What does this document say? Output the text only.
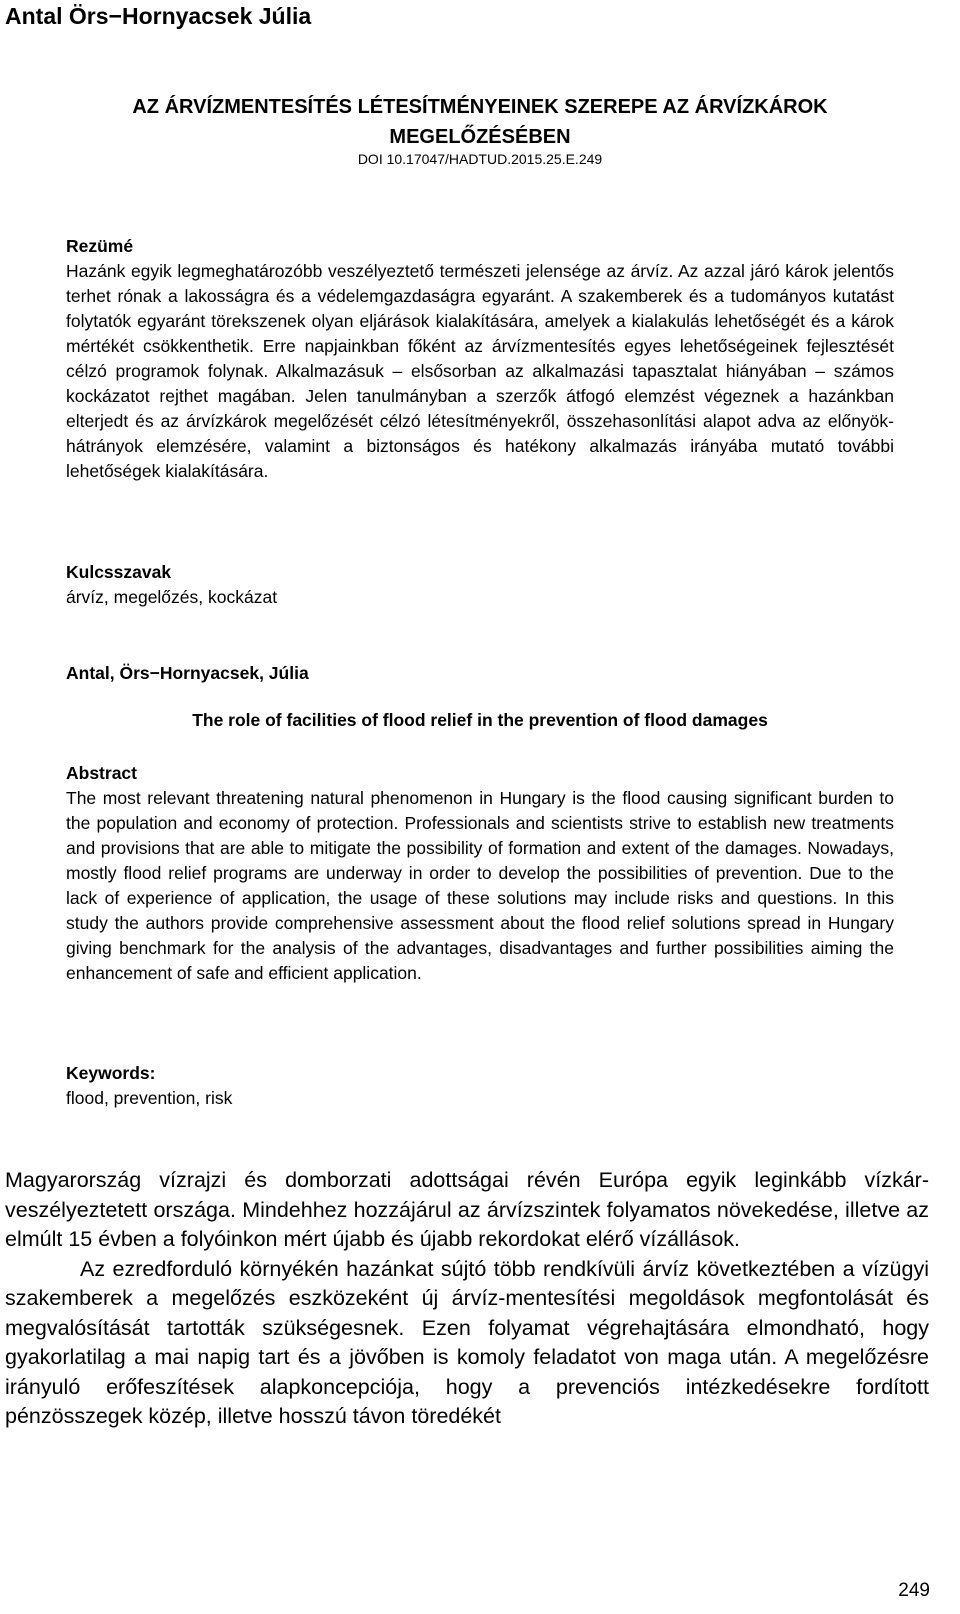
Antal Örs−Hornyacsek Júlia
AZ ÁRVÍZMENTESÍTÉS LÉTESÍTMÉNYEINEK SZEREPE AZ ÁRVÍZKÁROK
MEGELŐZÉSÉBEN
DOI 10.17047/HADTUD.2015.25.E.249
Rezümé
Hazánk egyik legmeghatározóbb veszélyeztető természeti jelensége az árvíz. Az azzal járó károk jelentős terhet rónak a lakosságra és a védelemgazdaságra egyaránt. A szakemberek és a tudományos kutatást folytatók egyaránt törekszenek olyan eljárások kialakítására, amelyek a kialakulás lehetőségét és a károk mértékét csökkenthetik. Erre napjainkban főként az árvízmentesítés egyes lehetőségeinek fejlesztését célzó programok folynak. Alkalmazásuk – elsősorban az alkalmazási tapasztalat hiányában – számos kockázatot rejthet magában. Jelen tanulmányban a szerzők átfogó elemzést végeznek a hazánkban elterjedt és az árvízkárok megelőzését célzó létesítményekről, összehasonlítási alapot adva az előnyök-hátrányok elemzésére, valamint a biztonságos és hatékony alkalmazás irányába mutató további lehetőségek kialakítására.
Kulcsszavak
árvíz, megelőzés, kockázat
Antal, Örs−Hornyacsek, Júlia
The role of facilities of flood relief in the prevention of flood damages
Abstract
The most relevant threatening natural phenomenon in Hungary is the flood causing significant burden to the population and economy of protection. Professionals and scientists strive to establish new treatments and provisions that are able to mitigate the possibility of formation and extent of the damages. Nowadays, mostly flood relief programs are underway in order to develop the possibilities of prevention. Due to the lack of experience of application, the usage of these solutions may include risks and questions. In this study the authors provide comprehensive assessment about the flood relief solutions spread in Hungary giving benchmark for the analysis of the advantages, disadvantages and further possibilities aiming the enhancement of safe and efficient application.
Keywords:
flood, prevention, risk

Magyarország vízrajzi és domborzati adottságai révén Európa egyik leginkább vízkár-veszélyeztetett országa. Mindehhez hozzájárul az árvízszintek folyamatos növekedése, illetve az elmúlt 15 évben a folyóinkon mért újabb és újabb rekordokat elérő vízállások.

Az ezredforduló környékén hazánkat sújtó több rendkívüli árvíz következtében a vízügyi szakemberek a megelőzés eszközeként új árvíz-mentesítési megoldások megfontolását és megvalósítását tartották szükségesnek. Ezen folyamat végrehajtására elmondható, hogy gyakorlatilag a mai napig tart és a jövőben is komoly feladatot von maga után. A megelőzésre irányuló erőfeszítések alapkoncepciója, hogy a prevenciós intézkedésekre fordított pénzösszegek közép, illetve hosszú távon töredékét

249
